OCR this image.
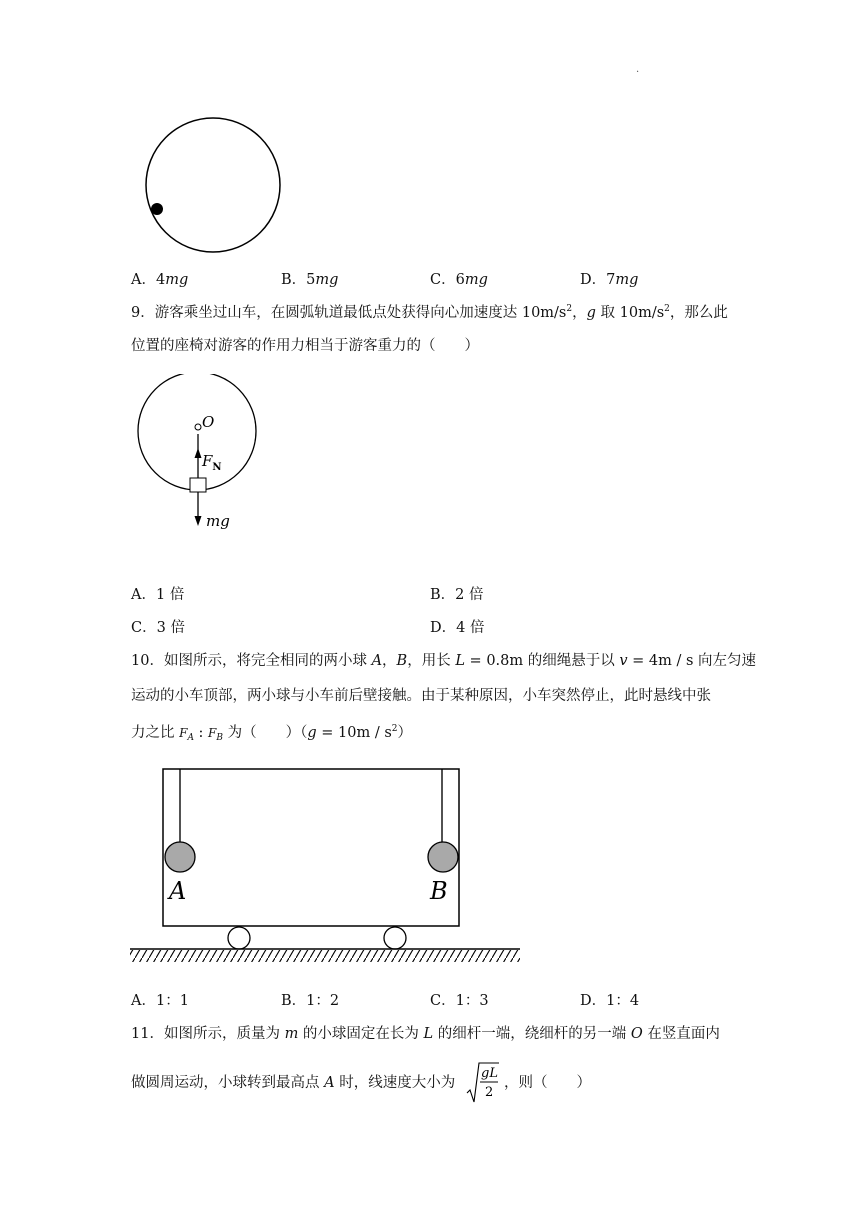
.
A．4mg	B．5mg	C．6mg	D．7mg
9．游客乘坐过山车，在圆弧轨道最低点处获得向心加速度达 $10m/s^2$，g 取 $10m/s^2$，那么此
位置的座椅对游客的作用力相当于游客重力的（　　）
O
$F_N$
mg
A．1 倍	B．2 倍
C．3 倍	D．4 倍
10．如图所示，将完全相同的两小球 A，B，用长 L = 0.8m 的细绳悬于以 v = 4m / s 向左匀速
运动的小车顶部，两小球与小车前后壁接触。由于某种原因，小车突然停止，此时悬线中张
力之比 $F_A$ : $F_B$ 为（　　）$(g = 10m / s^2)$
A	B
A．1：1	B．1：2	C．1：3	D．1：4
11．如图所示，质量为 m 的小球固定在长为 L 的细杆一端，绕细杆的另一端 O 在竖直面内
做圆周运动，小球转到最高点 A 时，线速度大小为
gL
2
，则（　　）
